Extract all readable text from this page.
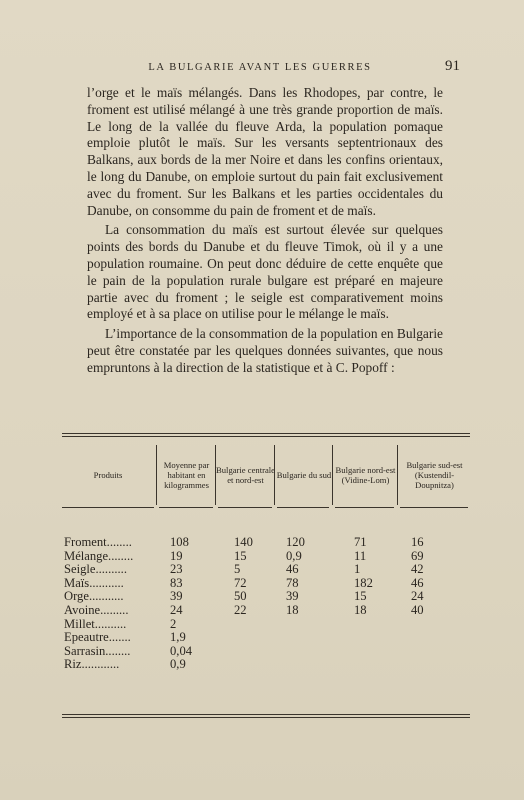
LA BULGARIE AVANT LES GUERRES	91

l’orge et le maïs mélangés. Dans les Rhodopes, par contre, le froment est utilisé mélangé à une très grande proportion de maïs. Le long de la vallée du fleuve Arda, la population pomaque emploie plutôt le maïs. Sur les versants septentrionaux des Balkans, aux bords de la mer Noire et dans les confins orientaux, le long du Danube, on emploie surtout du pain fait exclusivement avec du froment. Sur les Balkans et les parties occidentales du Danube, on consomme du pain de froment et de maïs.

La consommation du maïs est surtout élevée sur quelques points des bords du Danube et du fleuve Timok, où il y a une population roumaine. On peut donc déduire de cette enquête que le pain de la population rurale bulgare est préparé en majeure partie avec du froment ; le seigle est comparativement moins employé et à sa place on utilise pour le mélange le maïs.

L’importance de la consommation de la population en Bulgarie peut être constatée par les quelques données suivantes, que nous empruntons à la direction de la statistique et à C. Popoff :

Produits
Moyenne par habitant en kilogrammes
Bulgarie centrale et nord-est
Bulgarie du sud
Bulgarie nord-est (Vidine-Lom)
Bulgarie sud-est (Kustendil-Doupnitza)
Froment........	108	140	120	71	16
Mélange........	19	15	0,9	11	69
Seigle..........	23	5	46	1	42
Maïs...........	83	72	78	182	46
Orge...........	39	50	39	15	24
Avoine.........	24	22	18	18	40
Millet..........	2
Epeautre.......	1,9
Sarrasin........	0,04
Riz............	0,9
